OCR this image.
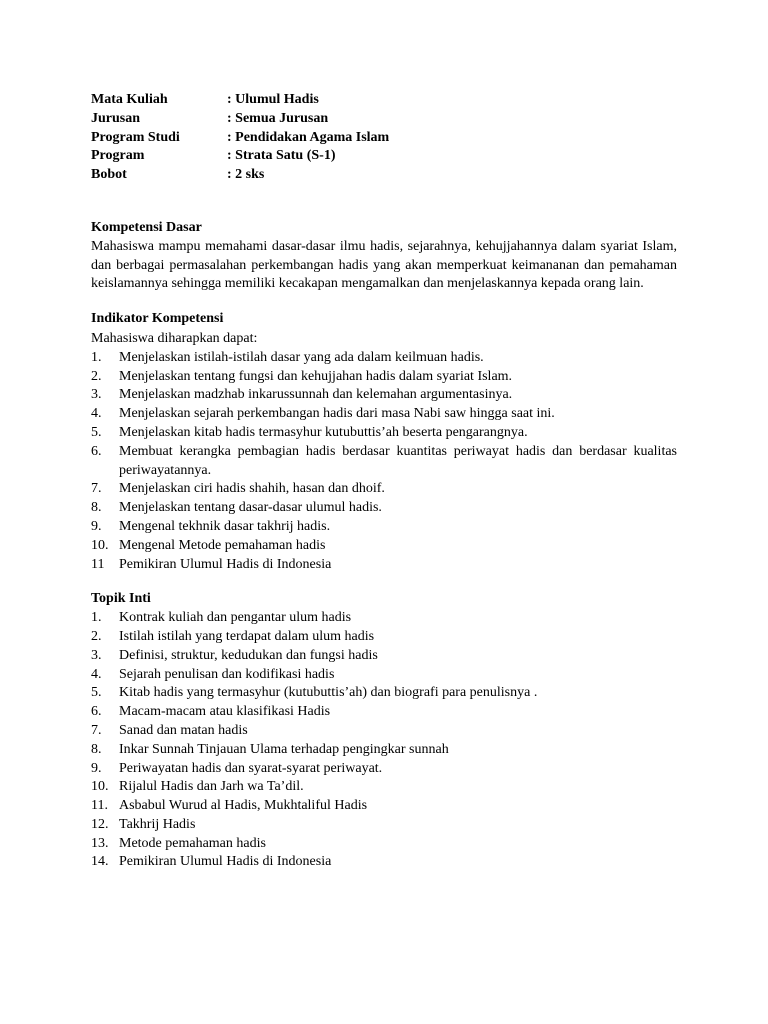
Mata Kuliah	: Ulumul Hadis
Jurusan	: Semua Jurusan
Program Studi	: Pendidakan Agama Islam
Program	: Strata Satu (S-1)
Bobot	: 2 sks
Kompetensi Dasar
Mahasiswa mampu memahami dasar-dasar ilmu hadis, sejarahnya, kehujjahannya dalam syariat Islam, dan berbagai permasalahan perkembangan hadis yang akan memperkuat keimananan dan pemahaman keislamannya sehingga memiliki kecakapan mengamalkan dan menjelaskannya kepada orang lain.
Indikator Kompetensi
Mahasiswa diharapkan dapat:
1.	Menjelaskan istilah-istilah dasar yang ada dalam keilmuan hadis.
2.	Menjelaskan tentang fungsi dan kehujjahan hadis dalam syariat Islam.
3.	Menjelaskan madzhab inkarussunnah dan kelemahan argumentasinya.
4.	Menjelaskan sejarah perkembangan hadis dari masa Nabi saw hingga saat ini.
5.	Menjelaskan kitab hadis termasyhur kutubuttis’ah beserta pengarangnya.
6.	Membuat kerangka pembagian hadis berdasar kuantitas periwayat hadis dan berdasar kualitas periwayatannya.
7.	Menjelaskan ciri hadis shahih, hasan dan dhoif.
8.	Menjelaskan tentang dasar-dasar ulumul hadis.
9.	Mengenal tekhnik dasar takhrij hadis.
10. Mengenal Metode pemahaman hadis
11	Pemikiran Ulumul Hadis di Indonesia
Topik Inti
1.	Kontrak kuliah dan pengantar ulum hadis
2.	Istilah istilah yang terdapat dalam ulum hadis
3.	Definisi, struktur, kedudukan dan fungsi hadis
4.	Sejarah penulisan dan kodifikasi hadis
5.	Kitab hadis yang termasyhur (kutubuttis’ah) dan biografi para penulisnya .
6.	Macam-macam atau klasifikasi Hadis
7.	Sanad dan matan hadis
8.	Inkar Sunnah Tinjauan Ulama terhadap pengingkar sunnah
9.	Periwayatan hadis dan syarat-syarat periwayat.
10. Rijalul Hadis dan Jarh wa Ta’dil.
11. Asbabul Wurud al Hadis, Mukhtaliful Hadis
12. Takhrij Hadis
13. Metode pemahaman hadis
14. Pemikiran Ulumul Hadis di Indonesia
